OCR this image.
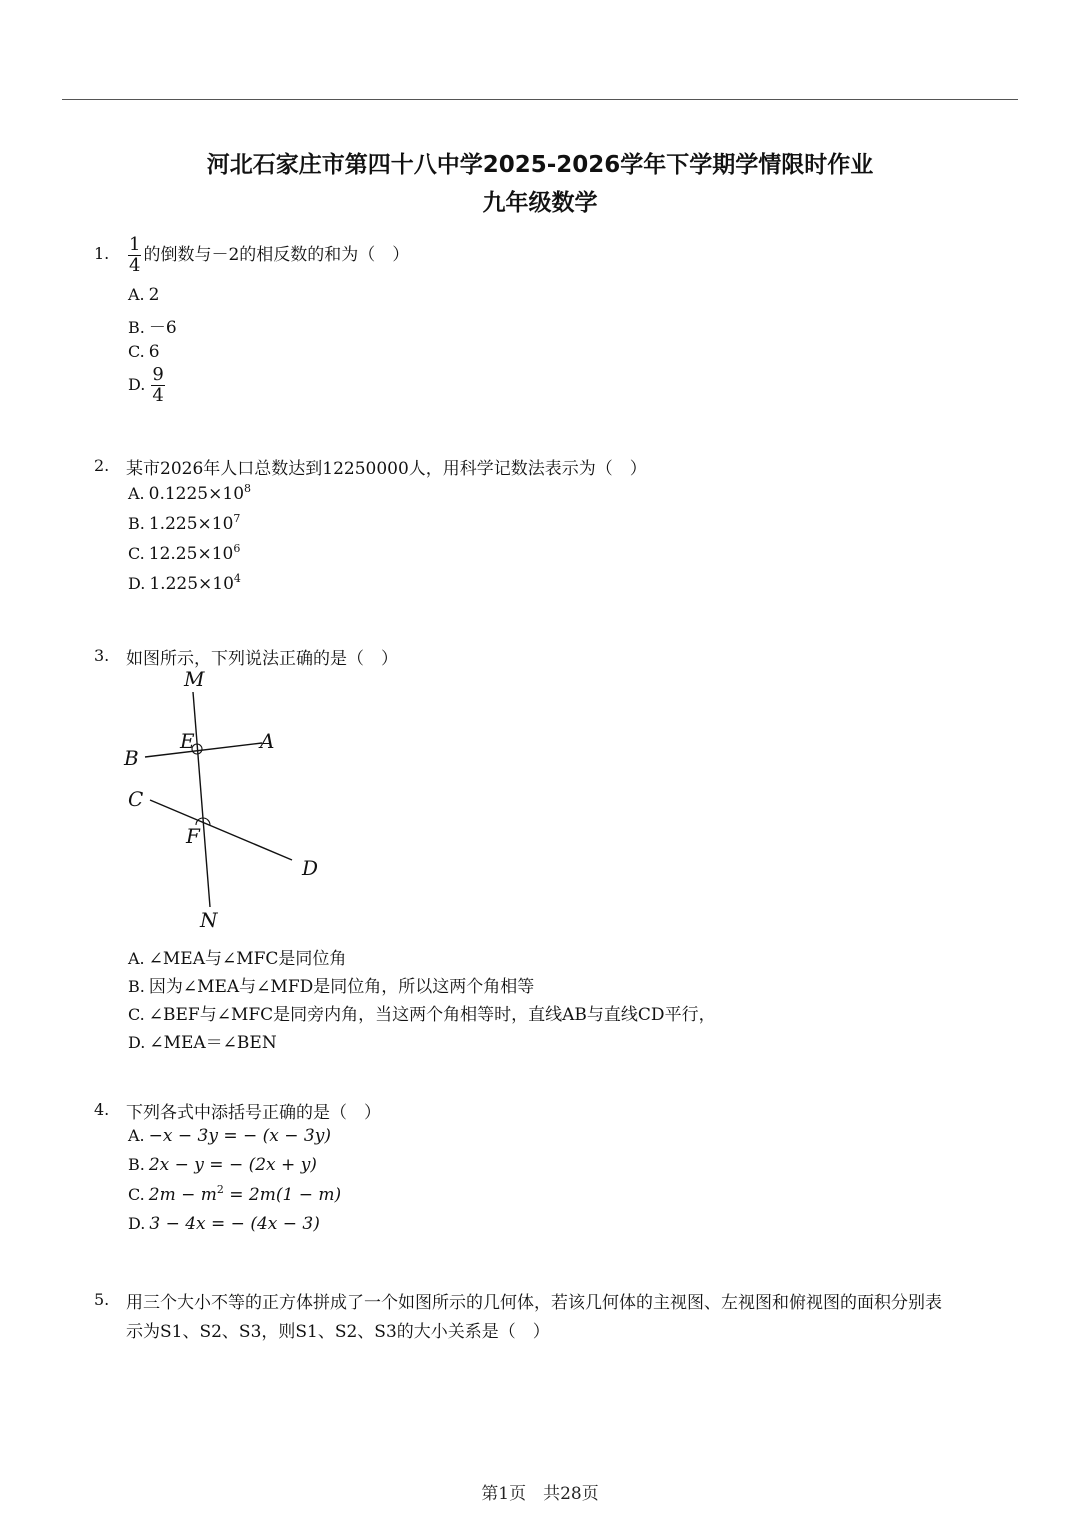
河北石家庄市第四十八中学2025-2026学年下学期学情限时作业
九年级数学
1. $\frac{1}{4}$ 的倒数与－2的相反数的和为（　）
A. 2
B. －6
C. 6
D. $\frac{9}{4}$
2. 某市2026年人口总数达到12250000人，用科学记数法表示为（　）
A. $0.1225\times 10^8$
B. $1.225\times 10^7$
C. $12.25\times 10^6$
D. $1.225\times 10^4$
3. 如图所示，下列说法正确的是（　）
M
E	A
B
C
F
D
N
A. ∠MEA与∠MFC是同位角
B. 因为∠MEA与∠MFD是同位角，所以这两个角相等
C. ∠BEF与∠MFC是同旁内角，当这两个角相等时，直线AB与直线CD平行，
D. ∠MEA＝∠BEN
4. 下列各式中添括号正确的是（　）
A. −x − 3y = − (x − 3y)
B. 2x − y = − (2x + y)
C. $2m - m^2 = 2m(1 - m)$
D. 3 − 4x = − (4x − 3)
5. 用三个大小不等的正方体拼成了一个如图所示的几何体，若该几何体的主视图、左视图和俯视图的面积分别表
示为S1、S2、S3，则S1、S2、S3的大小关系是（　）
第1页　共28页
